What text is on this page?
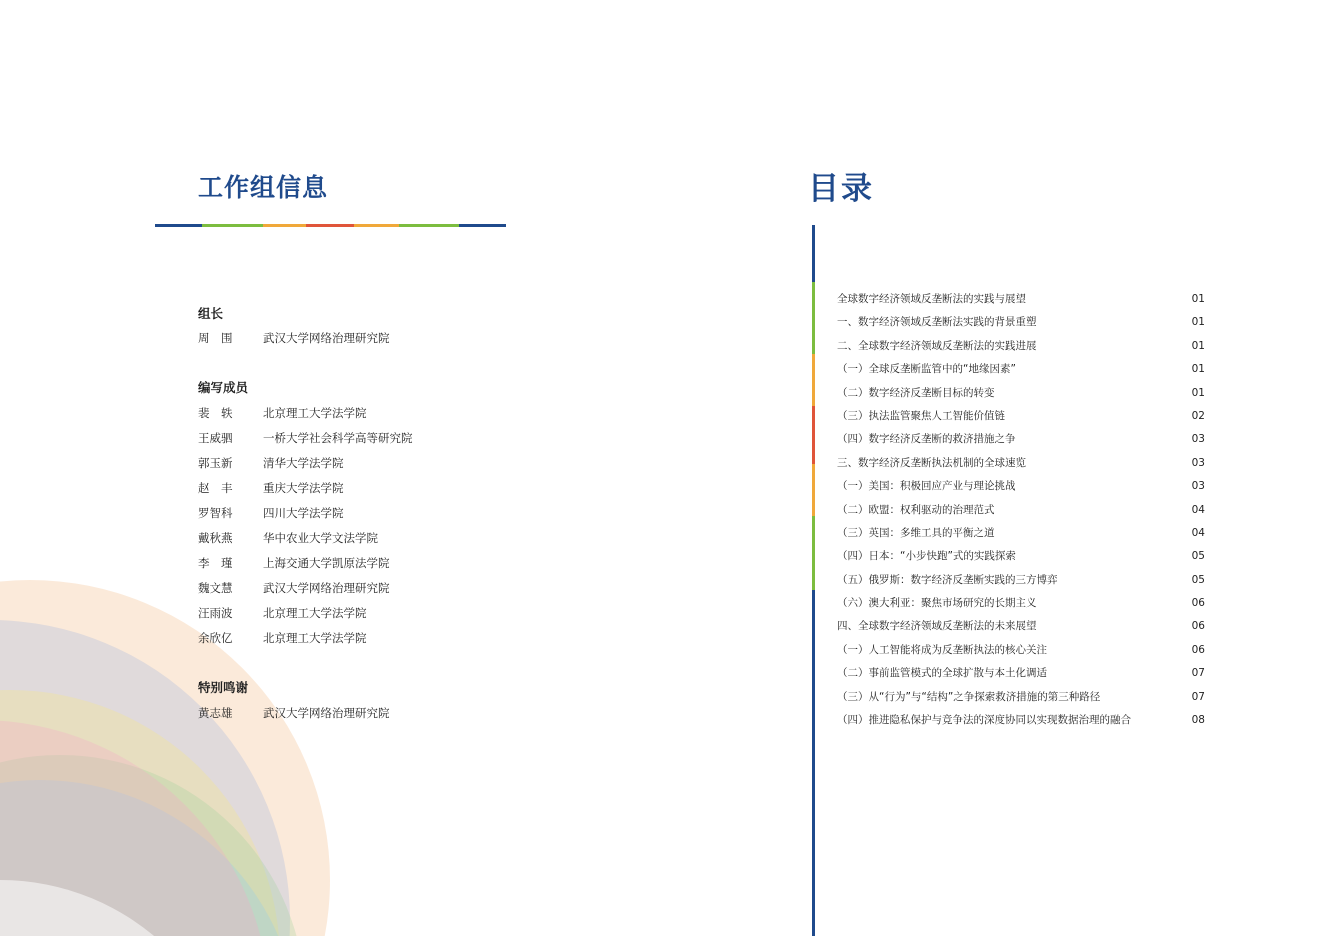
工作组信息
组长
周　围	武汉大学网络治理研究院
编写成员
裴　轶	北京理工大学法学院
王威驷	一桥大学社会科学高等研究院
郭玉新	清华大学法学院
赵　丰	重庆大学法学院
罗智科	四川大学法学院
戴秋燕	华中农业大学文法学院
李　瑾	上海交通大学凯原法学院
魏文慧	武汉大学网络治理研究院
汪雨波	北京理工大学法学院
余欣亿	北京理工大学法学院
特别鸣谢
黄志雄	武汉大学网络治理研究院
目录
全球数字经济领域反垄断法的实践与展望	01
一、数字经济领域反垄断法实践的背景重塑	01
二、全球数字经济领域反垄断法的实践进展	01
（一）全球反垄断监管中的“地缘因素”	01
（二）数字经济反垄断目标的转变	01
（三）执法监管聚焦人工智能价值链	02
（四）数字经济反垄断的救济措施之争	03
三、数字经济反垄断执法机制的全球速览	03
（一）美国：积极回应产业与理论挑战	03
（二）欧盟：权利驱动的治理范式	04
（三）英国：多维工具的平衡之道	04
（四）日本：“小步快跑”式的实践探索	05
（五）俄罗斯：数字经济反垄断实践的三方博弈	05
（六）澳大利亚：聚焦市场研究的长期主义	06
四、全球数字经济领域反垄断法的未来展望	06
（一）人工智能将成为反垄断执法的核心关注	06
（二）事前监管模式的全球扩散与本土化调适	07
（三）从“行为”与“结构”之争探索救济措施的第三种路径	07
（四）推进隐私保护与竞争法的深度协同以实现数据治理的融合	08
